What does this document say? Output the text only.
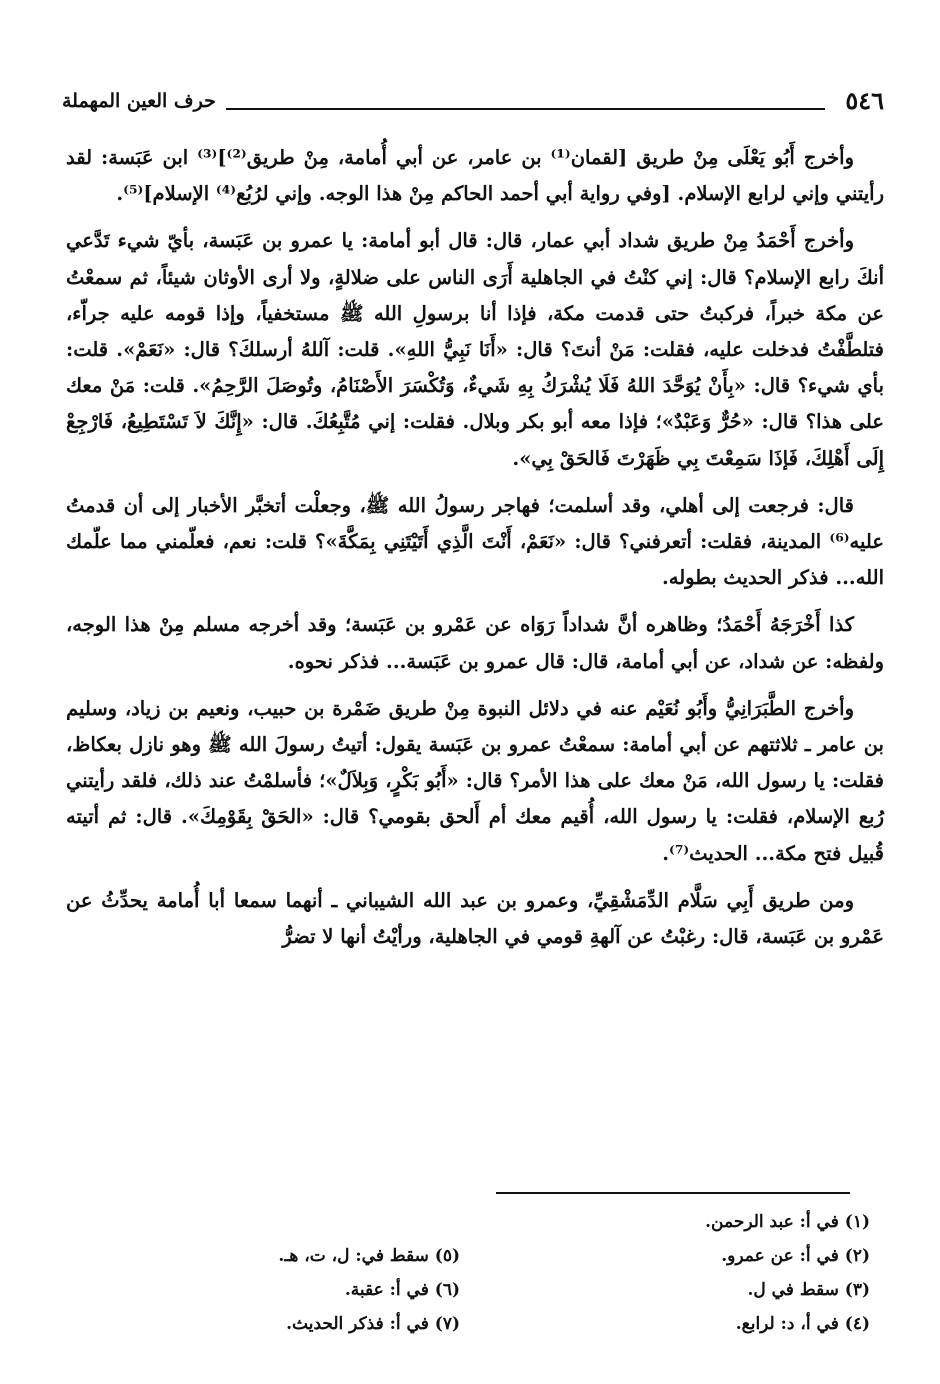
٥٤٦
حرف العين المهملة

وأخرج أَبُو يَعْلَى مِنْ طريق [لقمان⁽¹⁾ بن عامر، عن أبي أُمامة، مِنْ طريق⁽²⁾]⁽³⁾ ابن عَبَسة: لقد رأيتني وإني لرابع الإسلام. [وفي رواية أبي أحمد الحاكم مِنْ هذا الوجه. وإني لرُبُع⁽⁴⁾ الإسلام]⁽⁵⁾.

وأخرج أَحْمَدُ مِنْ طريق شداد أبي عمار، قال: قال أبو أمامة: يا عمرو بن عَبَسة، بأيّ شيء تَدَّعي أنكَ رابع الإسلام؟ قال: إني كنْتُ في الجاهلية أَرَى الناس على ضلالةٍ، ولا أرى الأوثان شيئاً، ثم سمعْتُ عن مكة خبراً، فركبتُ حتى قدمت مكة، فإذا أنا برسولِ الله ﷺ مستخفياً، وإذا قومه عليه جراّء، فتلطَّفْتُ فدخلت عليه، فقلت: مَنْ أنتَ؟ قال: «أَنَا نَبِيُّ اللهِ». قلت: آللهُ أرسلكَ؟ قال: «نَعَمْ». قلت: بأي شيء؟ قال: «بِأَنْ يُوَحَّدَ اللهُ فَلَا يُشْرَكُ بِهِ شَيءٌ، وَتُكْسَرَ الأَصْنَامُ، وتُوصَلَ الرَّحِمُ». قلت: مَنْ معك على هذا؟ قال: «حُرٌّ وَعَبْدٌ»؛ فإذا معه أبو بكر وبلال. فقلت: إني مُتَّبِعُكَ. قال: «إِنَّكَ لاَ تَسْتَطِيعُ، فَارْجِعْ إِلَى أَهْلِكَ، فَإذَا سَمِعْتَ بِي ظَهَرْتَ فَالحَقْ بِي».

قال: فرجعت إلى أهلي، وقد أسلمت؛ فهاجر رسولُ الله ﷺ، وجعلْت أتخبَّر الأخبار إلى أن قدمتُ عليه⁽⁶⁾ المدينة، فقلت: أتعرفني؟ قال: «نَعَمْ، أَنْتَ الَّذِي أَتَيْتَنِي بِمَكَّةَ»؟ قلت: نعم، فعلّمني مما علّمك الله... فذكر الحديث بطوله.

كذا أَخْرَجَهُ أَحْمَدُ؛ وظاهره أنَّ شداداً رَوَاه عن عَمْرو بن عَبَسة؛ وقد أخرجه مسلم مِنْ هذا الوجه، ولفظه: عن شداد، عن أبي أمامة، قال: قال عمرو بن عَبَسة... فذكر نحوه.

وأخرج الطَّبَرَانِيُّ وأَبُو نُعَيْم عنه في دلائل النبوة مِنْ طريق ضَمْرة بن حبيب، ونعيم بن زياد، وسليم بن عامر ـ ثلاثتهم عن أبي أمامة: سمعْتُ عمرو بن عَبَسة يقول: أتيتُ رسولَ الله ﷺ وهو نازل بعكاظ، فقلت: يا رسول الله، مَنْ معك على هذا الأمر؟ قال: «أَبُو بَكْرٍ، وَبِلاَلٌ»؛ فأسلمْتُ عند ذلك، فلقد رأيتني رُبع الإسلام، فقلت: يا رسول الله، أُقيم معك أم أَلحق بقومي؟ قال: «الحَقْ بِقَوْمِكَ». قال: ثم أتيته قُبيل فتح مكة... الحديث⁽⁷⁾.

ومن طريق أَبِي سَلَّام الدِّمَشْقِيِّ، وعمرو بن عبد الله الشيباني ـ أنهما سمعا أبا أُمامة يحدِّثُ عن عَمْرو بن عَبَسة، قال: رغبْتُ عن آلهةِ قومي في الجاهلية، ورأيْتُ أنها لا تضرُّ

(١) في أ: عبد الرحمن.
(٢) في أ: عن عمرو.
(٣) سقط في ل.
(٤) في أ، د: لرابع.
(٥) سقط في: ل، ت، هـ.
(٦) في أ: عقبة.
(٧) في أ: فذكر الحديث.
